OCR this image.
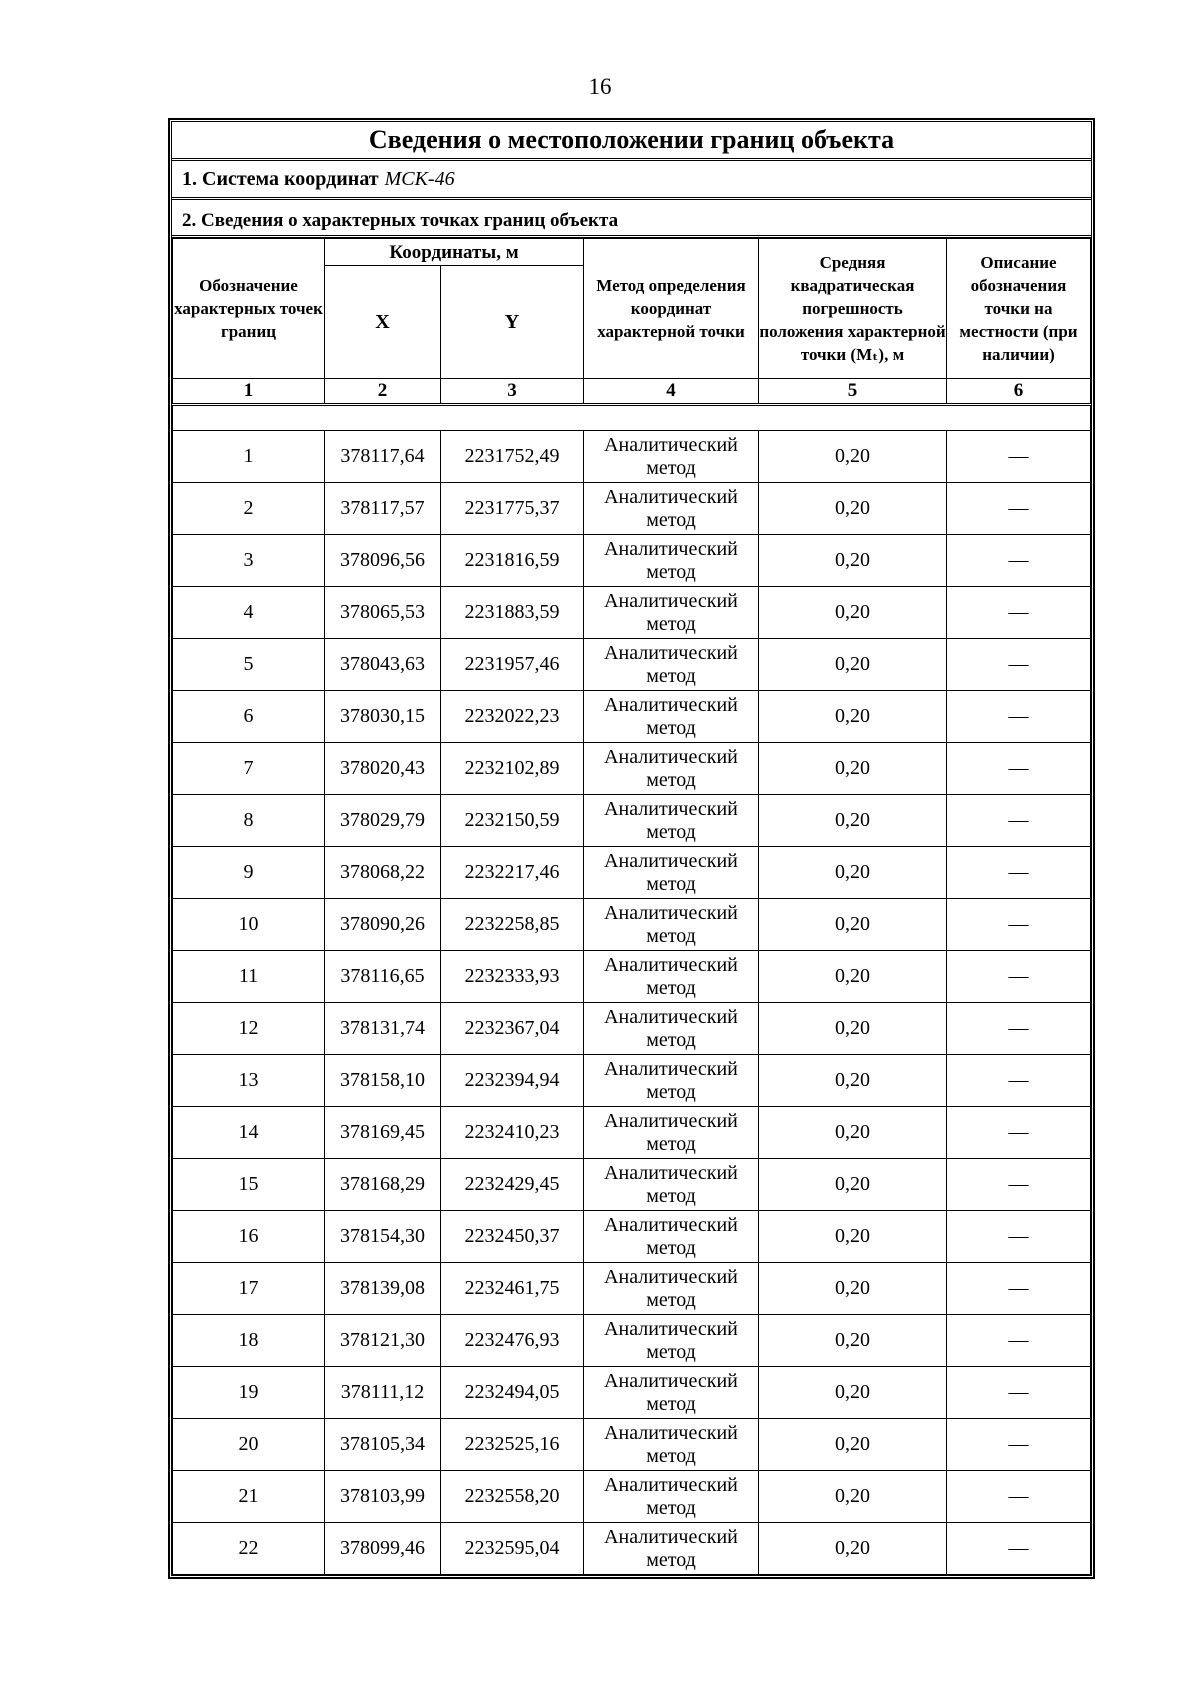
16
Сведения о местоположении границ объекта
1. Система координат МСК-46
2. Сведения о характерных точках границ объекта
Обозначение характерных точек границ	Координаты, м		Метод определения координат характерной точки	Средняя квадратическая погрешность положения характерной точки (Mₜ), м	Описание обозначения точки на местности (при наличии)
	X	Y			
1	2	3	4	5	6

1	378117,64	2231752,49	Аналитический метод	0,20	—
2	378117,57	2231775,37	Аналитический метод	0,20	—
3	378096,56	2231816,59	Аналитический метод	0,20	—
4	378065,53	2231883,59	Аналитический метод	0,20	—
5	378043,63	2231957,46	Аналитический метод	0,20	—
6	378030,15	2232022,23	Аналитический метод	0,20	—
7	378020,43	2232102,89	Аналитический метод	0,20	—
8	378029,79	2232150,59	Аналитический метод	0,20	—
9	378068,22	2232217,46	Аналитический метод	0,20	—
10	378090,26	2232258,85	Аналитический метод	0,20	—
11	378116,65	2232333,93	Аналитический метод	0,20	—
12	378131,74	2232367,04	Аналитический метод	0,20	—
13	378158,10	2232394,94	Аналитический метод	0,20	—
14	378169,45	2232410,23	Аналитический метод	0,20	—
15	378168,29	2232429,45	Аналитический метод	0,20	—
16	378154,30	2232450,37	Аналитический метод	0,20	—
17	378139,08	2232461,75	Аналитический метод	0,20	—
18	378121,30	2232476,93	Аналитический метод	0,20	—
19	378111,12	2232494,05	Аналитический метод	0,20	—
20	378105,34	2232525,16	Аналитический метод	0,20	—
21	378103,99	2232558,20	Аналитический метод	0,20	—
22	378099,46	2232595,04	Аналитический метод	0,20	—
